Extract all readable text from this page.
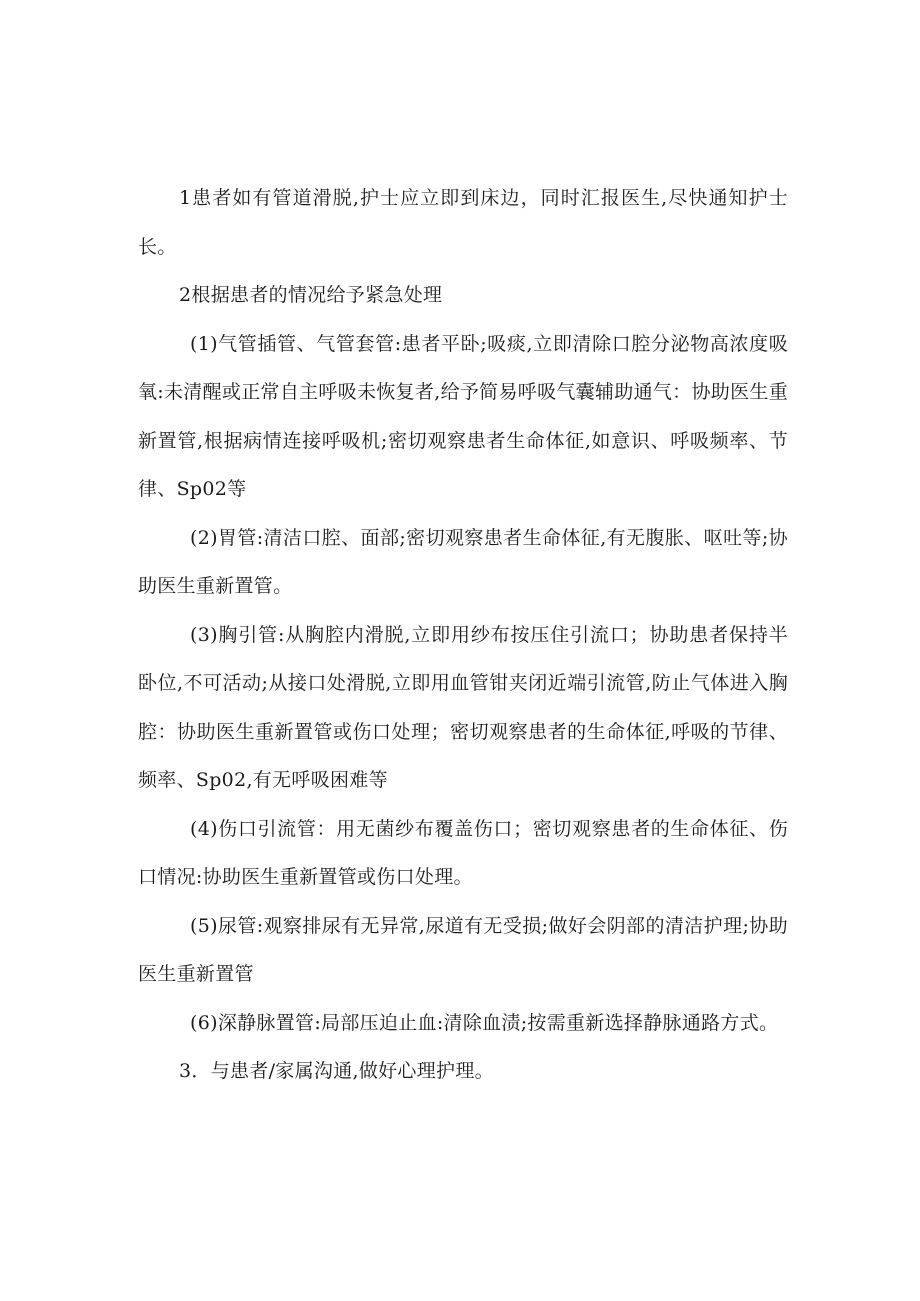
1患者如有管道滑脱,护士应立即到床边，同时汇报医生,尽快通知护士长。

2根据患者的情况给予紧急处理

(1)气管插管、气管套管:患者平卧;吸痰,立即清除口腔分泌物高浓度吸氧:未清醒或正常自主呼吸未恢复者,给予简易呼吸气囊辅助通气：协助医生重新置管,根据病情连接呼吸机;密切观察患者生命体征,如意识、呼吸频率、节律、Sp02等

(2)胃管:清洁口腔、面部;密切观察患者生命体征,有无腹胀、呕吐等;协助医生重新置管。

(3)胸引管:从胸腔内滑脱,立即用纱布按压住引流口；协助患者保持半卧位,不可活动;从接口处滑脱,立即用血管钳夹闭近端引流管,防止气体进入胸腔：协助医生重新置管或伤口处理；密切观察患者的生命体征,呼吸的节律、频率、Sp02,有无呼吸困难等

(4)伤口引流管：用无菌纱布覆盖伤口；密切观察患者的生命体征、伤口情况:协助医生重新置管或伤口处理。

(5)尿管:观察排尿有无异常,尿道有无受损;做好会阴部的清洁护理;协助医生重新置管

(6)深静脉置管:局部压迫止血:清除血渍;按需重新选择静脉通路方式。

3．与患者/家属沟通,做好心理护理。
